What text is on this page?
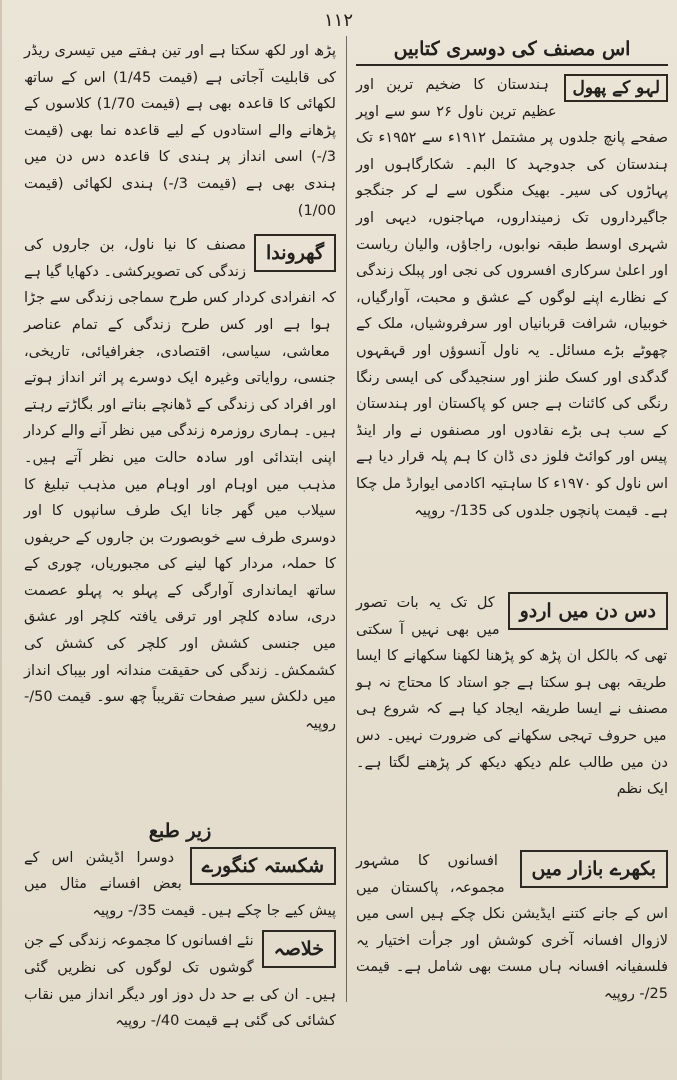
۱۱۲
اس مصنف کی دوسری کتابیں
لہو کے پھول

ہندستان کا ضخیم ترین اور عظیم ترین ناول ۲۶ سو سے اوپر صفحے پانچ جلدوں پر مشتمل ۱۹۱۲ء سے ۱۹۵۲ء تک ہندستان کی جدوجہد کا البم۔ شکارگاہوں اور پہاڑوں کی سیر۔ بھیک منگوں سے لے کر جنگجو جاگیرداروں تک زمینداروں، مہاجنوں، دیہی اور شہری اوسط طبقہ نوابوں، راجاؤں، والیان ریاست اور اعلیٰ سرکاری افسروں کی نجی اور پبلک زندگی کے نظارے اپنے لوگوں کے عشق و محبت، آوارگیاں، خوبیاں، شرافت قربانیاں اور سرفروشیاں، ملک کے چھوٹے بڑے مسائل۔ یہ ناول آنسوؤں اور قہقہوں گدگدی اور کسک طنز اور سنجیدگی کی ایسی رنگا رنگی کی کائنات ہے جس کو پاکستان اور ہندستان کے سب ہی بڑے نقادوں اور مصنفوں نے وار اینڈ پیس اور کوائٹ فلوز دی ڈان کا ہم پلہ قرار دیا ہے اس ناول کو ۱۹۷۰ء کا ساہتیہ اکادمی ایوارڈ مل چکا ہے۔ قیمت پانچوں جلدوں کی 135/- روپیہ

دس دن میں اردو

کل تک یہ بات تصور میں بھی نہیں آ سکتی تھی کہ بالکل ان پڑھ کو پڑھنا لکھنا سکھانے کا ایسا طریقہ بھی ہو سکتا ہے جو استاد کا محتاج نہ ہو مصنف نے ایسا طریقہ ایجاد کیا ہے کہ شروع ہی میں حروف تہجی سکھانے کی ضرورت نہیں۔ دس دن میں طالب علم دیکھ دیکھ کر پڑھنے لگتا ہے۔ ایک نظم

بکھرے بازار میں

افسانوں کا مشہور مجموعہ، پاکستان میں اس کے جانے کتنے ایڈیشن نکل چکے ہیں اسی میں لازوال افسانہ آخری کوشش اور جرأت اختیار یہ فلسفیانہ افسانہ ہاں مست بھی شامل ہے۔ قیمت 25/- روپیہ

پڑھ اور لکھ سکتا ہے اور تین ہفتے میں تیسری ریڈر کی قابلیت آجاتی ہے (قیمت 1/45) اس کے ساتھ لکھائی کا قاعدہ بھی ہے (قیمت 1/70) کلاسوں کے پڑھانے والے استادوں کے لیے قاعدہ نما بھی (قیمت 3/-) اسی انداز پر ہندی کا قاعدہ دس دن میں ہندی بھی ہے (قیمت 3/-) ہندی لکھائی (قیمت 1/00)

گھروندا

مصنف کا نیا ناول، بن جاروں کی زندگی کی تصویرکشی۔ دکھایا گیا ہے کہ انفرادی کردار کس طرح سماجی زندگی سے جڑا ہوا ہے اور کس طرح زندگی کے تمام عناصر معاشی، سیاسی، اقتصادی، جغرافیائی، تاریخی، جنسی، روایاتی وغیرہ ایک دوسرے پر اثر انداز ہوتے اور افراد کی زندگی کے ڈھانچے بناتے اور بگاڑتے رہتے ہیں۔ ہماری روزمرہ زندگی میں نظر آنے والے کردار اپنی ابتدائی اور سادہ حالت میں نظر آتے ہیں۔ مذہب میں اوہام اور اوہام میں مذہب تبلیغ کا سیلاب میں گھر جانا ایک طرف سانپوں کا اور دوسری طرف سے خوبصورت بن جاروں کے حریفوں کا حملہ، مردار کھا لینے کی مجبوریاں، چوری کے ساتھ ایمانداری آوارگی کے پہلو بہ پہلو عصمت دری، سادہ کلچر اور ترقی یافتہ کلچر اور عشق میں جنسی کشش اور کلچر کی کشش کی کشمکش۔ زندگی کی حقیقت مندانہ اور بیباک انداز میں دلکش سیر صفحات تقریباً چھ سو۔ قیمت 50/- روپیہ

زیر طبع
شکستہ کنگورے

دوسرا اڈیشن اس کے بعض افسانے مثال میں پیش کیے جا چکے ہیں۔ قیمت 35/- روپیہ

خلاصہ

نئے افسانوں کا مجموعہ زندگی کے جن گوشوں تک لوگوں کی نظریں گئی ہیں۔ ان کی بے حد دل دوز اور دیگر انداز میں نقاب کشائی کی گئی ہے قیمت 40/- روپیہ
